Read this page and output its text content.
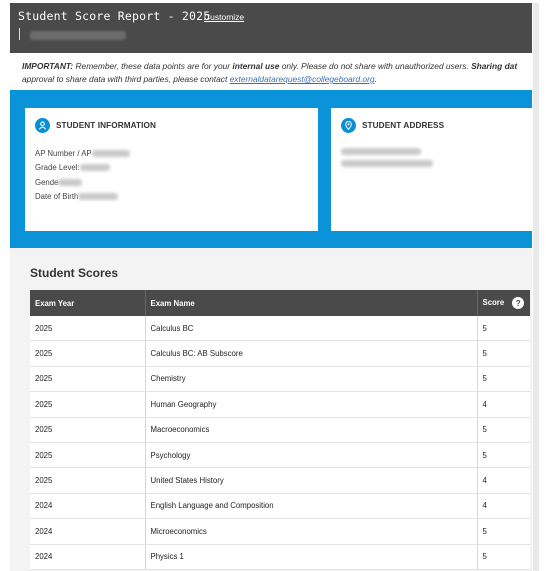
Student Score Report - 2025
Customize
IMPORTANT: Remember, these data points are for your internal use only. Please do not share with unauthorized users. Sharing dat
approval to share data with third parties, please contact externaldatarequest@collegeboard.org.
STUDENT INFORMATION
AP Number / AP
Grade Level:
Gende
Date of Birth
STUDENT ADDRESS
Student Scores
Exam Year	Exam Name	Score ?
2025	Calculus BC	5
2025	Calculus BC: AB Subscore	5
2025	Chemistry	5
2025	Human Geography	4
2025	Macroeconomics	5
2025	Psychology	5
2025	United States History	4
2024	English Language and Composition	4
2024	Microeconomics	5
2024	Physics 1	5
